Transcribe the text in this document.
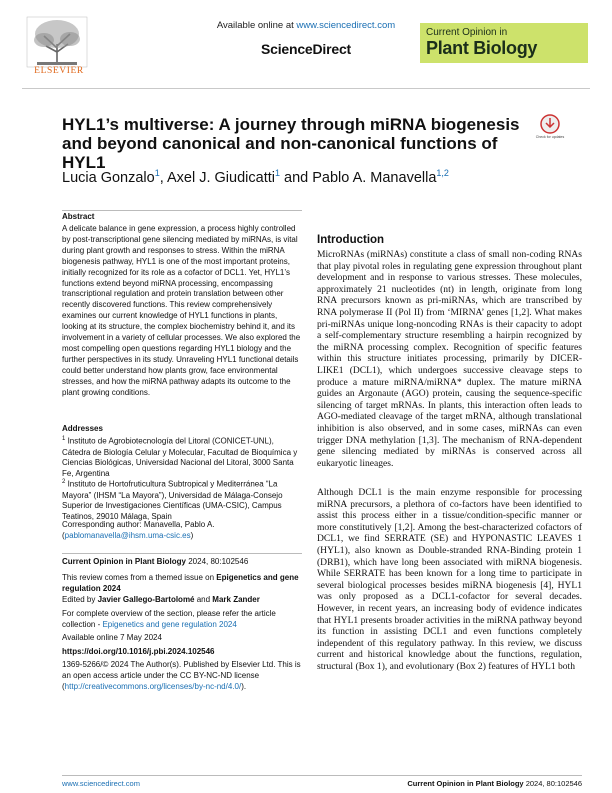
ELSEVIER
Available online at www.sciencedirect.com
ScienceDirect
Current Opinion in
Plant Biology
HYL1’s multiverse: A journey through miRNA biogenesis and beyond canonical and non-canonical functions of HYL1
Check for updates
Lucia Gonzalo$^1$, Axel J. Giudicatti$^1$ and Pablo A. Manavella$^{1,2}$
Abstract
A delicate balance in gene expression, a process highly controlled by post-transcriptional gene silencing mediated by miRNAs, is vital during plant growth and responses to stress. Within the miRNA biogenesis pathway, HYL1 is one of the most important proteins, initially recognized for its role as a cofactor of DCL1. Yet, HYL1’s functions extend beyond miRNA processing, encompassing transcriptional regulation and protein translation between other recently discovered functions. This review comprehensively examines our current knowledge of HYL1 functions in plants, looking at its structure, the complex biochemistry behind it, and its involvement in a variety of cellular processes. We also explored the most compelling open questions regarding HYL1 biology and the further perspectives in its study. Unraveling HYL1 functional details could better understand how plants grow, face environmental stresses, and how the miRNA pathway adapts its outcome to the plant growing conditions.
Addresses
$^1$ Instituto de Agrobiotecnología del Litoral (CONICET-UNL), Cátedra de Biología Celular y Molecular, Facultad de Bioquímica y Ciencias Biológicas, Universidad Nacional del Litoral, 3000 Santa Fe, Argentina
$^2$ Instituto de Hortofruticultura Subtropical y Mediterránea “La Mayora” (IHSM “La Mayora”), Universidad de Málaga-Consejo Superior de Investigaciones Científicas (UMA-CSIC), Campus Teatinos, 29010 Málaga, Spain
Corresponding author: Manavella, Pablo A. (pablomanavella@ihsm.uma-csic.es)
Current Opinion in Plant Biology 2024, 80:102546
This review comes from a themed issue on Epigenetics and gene regulation 2024
Edited by Javier Gallego-Bartolomé and Mark Zander
For complete overview of the section, please refer the article collection - Epigenetics and gene regulation 2024
Available online 7 May 2024
https://doi.org/10.1016/j.pbi.2024.102546
1369-5266/© 2024 The Author(s). Published by Elsevier Ltd. This is an open access article under the CC BY-NC-ND license (http://creativecommons.org/licenses/by-nc-nd/4.0/).
Introduction
MicroRNAs (miRNAs) constitute a class of small non-coding RNAs that play pivotal roles in regulating gene expression throughout plant development and in response to various stresses. These molecules, approximately 21 nucleotides (nt) in length, originate from long RNA precursors known as pri-miRNAs, which are transcribed by RNA polymerase II (Pol II) from ‘MIRNA’ genes [1,2]. What makes pri-miRNAs unique long-noncoding RNAs is their capacity to adopt a self-complementary structure resembling a hairpin recognized by the miRNA processing complex. Recognition of specific features within this structure initiates processing, primarily by DICER-LIKE1 (DCL1), which undergoes successive cleavage steps to produce a mature miRNA/miRNA* duplex. The mature miRNA guides an Argonaute (AGO) protein, causing the sequence-specific silencing of target mRNAs. In plants, this interaction often leads to AGO-mediated cleavage of the target mRNA, although translational inhibition is also observed, and in some cases, miRNAs can even trigger DNA methylation [1,3]. The mechanism of RNA-dependent gene silencing mediated by miRNAs is conserved across all eukaryotic lineages.
Although DCL1 is the main enzyme responsible for processing miRNA precursors, a plethora of co-factors have been identified to assist this process either in a tissue/condition-specific manner or more constitutively [1,2]. Among the best-characterized cofactors of DCL1, we find SERRATE (SE) and HYPONASTIC LEAVES 1 (HYL1), also known as Double-stranded RNA-Binding protein 1 (DRB1), which have long been associated with miRNA biogenesis. While SERRATE has been known for a long time to participate in several biological processes besides miRNA biogenesis [4], HYL1 was only proposed as a DCL1-cofactor for several decades. However, in recent years, an increasing body of evidence indicates that HYL1 presents broader activities in the miRNA pathway beyond its function in assisting DCL1 and even functions completely independent of this regulatory pathway. In this review, we discuss current and historical knowledge about the functions, regulation, structural (Box 1), and evolutionary (Box 2) features of HYL1 both
www.sciencedirect.com	Current Opinion in Plant Biology 2024, 80:102546
